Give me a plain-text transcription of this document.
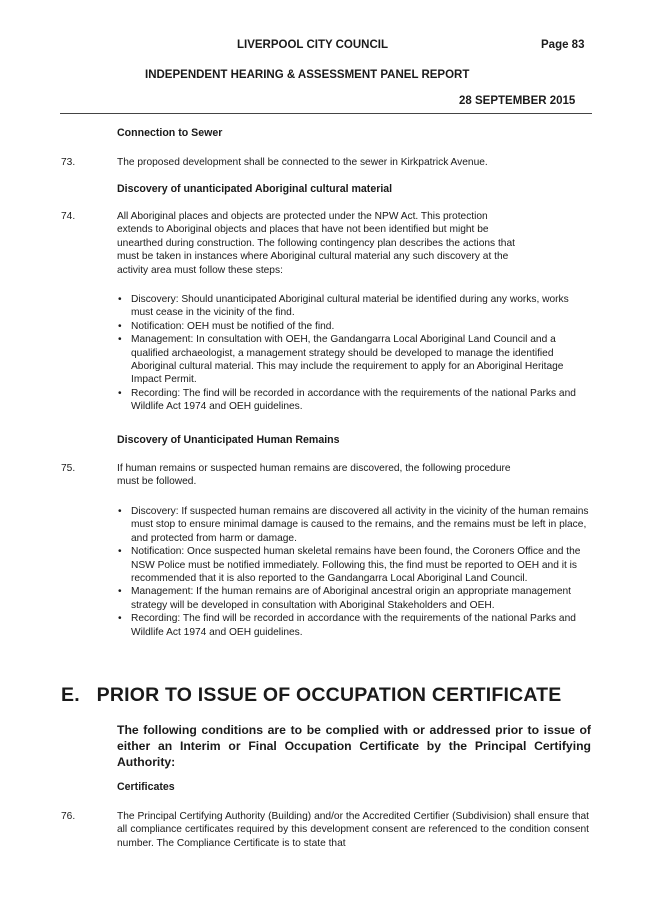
LIVERPOOL CITY COUNCIL	Page 83
INDEPENDENT HEARING & ASSESSMENT PANEL REPORT
28 SEPTEMBER 2015
Connection to Sewer
73.	The proposed development shall be connected to the sewer in Kirkpatrick Avenue.
Discovery of unanticipated Aboriginal cultural material
74.	All Aboriginal places and objects are protected under the NPW Act. This protection
extends to Aboriginal objects and places that have not been identified but might be
unearthed during construction. The following contingency plan describes the actions that
must be taken in instances where Aboriginal cultural material any such discovery at the
activity area must follow these steps:
• Discovery: Should unanticipated Aboriginal cultural material be identified during any works, works must cease in the vicinity of the find.
• Notification: OEH must be notified of the find.
• Management: In consultation with OEH, the Gandangarra Local Aboriginal Land Council and a qualified archaeologist, a management strategy should be developed to manage the identified Aboriginal cultural material. This may include the requirement to apply for an Aboriginal Heritage Impact Permit.
• Recording: The find will be recorded in accordance with the requirements of the national Parks and Wildlife Act 1974 and OEH guidelines.
Discovery of Unanticipated Human Remains
75.	If human remains or suspected human remains are discovered, the following procedure
must be followed.
• Discovery: If suspected human remains are discovered all activity in the vicinity of the human remains must stop to ensure minimal damage is caused to the remains, and the remains must be left in place, and protected from harm or damage.
• Notification: Once suspected human skeletal remains have been found, the Coroners Office and the NSW Police must be notified immediately. Following this, the find must be reported to OEH and it is recommended that it is also reported to the Gandangarra Local Aboriginal Land Council.
• Management: If the human remains are of Aboriginal ancestral origin an appropriate management strategy will be developed in consultation with Aboriginal Stakeholders and OEH.
• Recording: The find will be recorded in accordance with the requirements of the national Parks and Wildlife Act 1974 and OEH guidelines.
E.   PRIOR TO ISSUE OF OCCUPATION CERTIFICATE
The following conditions are to be complied with or addressed prior to issue of either an Interim or Final Occupation Certificate by the Principal Certifying Authority:
Certificates
76.	The Principal Certifying Authority (Building) and/or the Accredited Certifier (Subdivision) shall ensure that all compliance certificates required by this development consent are referenced to the condition consent number. The Compliance Certificate is to state that
